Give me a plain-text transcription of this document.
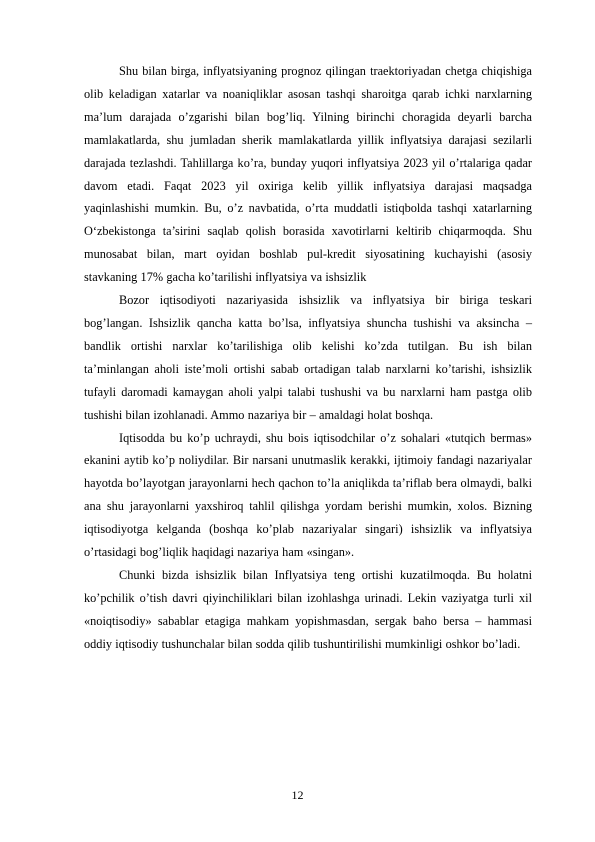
Shu bilan birga, inflyatsiyaning prognoz qilingan traektoriyadan chetga chiqishiga olib keladigan xatarlar va noaniqliklar asosan tashqi sharoitga qarab ichki narxlarning ma’lum darajada o’zgarishi bilan bog’liq. Yilning birinchi choragida deyarli barcha mamlakatlarda, shu jumladan sherik mamlakatlarda yillik inflyatsiya darajasi sezilarli darajada tezlashdi. Tahlillarga ko’ra, bunday yuqori inflyatsiya 2023 yil o’rtalariga qadar davom etadi. Faqat 2023 yil oxiriga kelib yillik inflyatsiya darajasi maqsadga yaqinlashishi mumkin. Bu, o’z navbatida, o’rta muddatli istiqbolda tashqi xatarlarning O‘zbekistonga ta’sirini saqlab qolish borasida xavotirlarni keltirib chiqarmoqda. Shu munosabat bilan, mart oyidan boshlab pul-kredit siyosatining kuchayishi (asosiy stavkaning 17% gacha ko’tarilishi inflyatsiya va ishsizlik

Bozor iqtisodiyoti nazariyasida ishsizlik va inflyatsiya bir biriga teskari bog’langan. Ishsizlik qancha katta bo’lsa, inflyatsiya shuncha tushishi va aksincha – bandlik ortishi narxlar ko’tarilishiga olib kelishi ko’zda tutilgan. Bu ish bilan ta’minlangan aholi iste’moli ortishi sabab ortadigan talab narxlarni ko’tarishi, ishsizlik tufayli daromadi kamaygan aholi yalpi talabi tushushi va bu narxlarni ham pastga olib tushishi bilan izohlanadi. Ammo nazariya bir – amaldagi holat boshqa.

Iqtisodda bu ko’p uchraydi, shu bois iqtisodchilar o’z sohalari «tutqich bermas» ekanini aytib ko’p noliydilar. Bir narsani unutmaslik kerakki, ijtimoiy fandagi nazariyalar hayotda bo’layotgan jarayonlarni hech qachon to’la aniqlikda ta’riflab bera olmaydi, balki ana shu jarayonlarni yaxshiroq tahlil qilishga yordam berishi mumkin, xolos. Bizning iqtisodiyotga kelganda (boshqa ko’plab nazariyalar singari) ishsizlik va inflyatsiya o’rtasidagi bog’liqlik haqidagi nazariya ham «singan».

Chunki bizda ishsizlik bilan Inflyatsiya teng ortishi kuzatilmoqda. Bu holatni ko’pchilik o’tish davri qiyinchiliklari bilan izohlashga urinadi. Lekin vaziyatga turli xil «noiqtisodiy» sabablar etagiga mahkam yopishmasdan, sergak baho bersa – hammasi oddiy iqtisodiy tushunchalar bilan sodda qilib tushuntirilishi mumkinligi oshkor bo’ladi.

12
